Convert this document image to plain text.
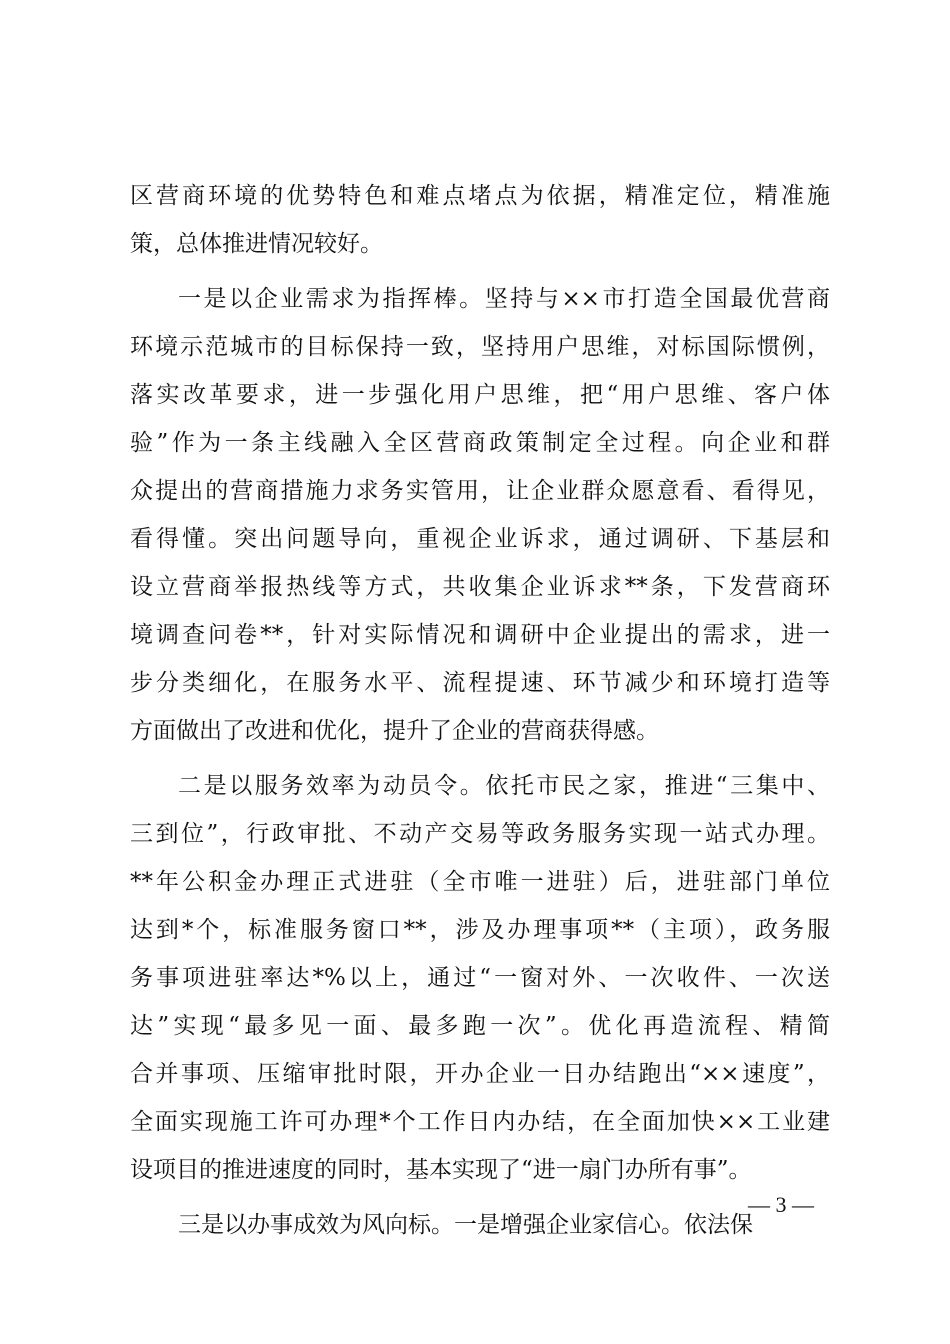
区营商环境的优势特色和难点堵点为依据，精准定位，精准施
策，总体推进情况较好。
一是以企业需求为指挥棒。坚持与××市打造全国最优营商
环境示范城市的目标保持一致，坚持用户思维，对标国际惯例，
落实改革要求，进一步强化用户思维，把“用户思维、客户体
验”作为一条主线融入全区营商政策制定全过程。向企业和群
众提出的营商措施力求务实管用，让企业群众愿意看、看得见，
看得懂。突出问题导向，重视企业诉求，通过调研、下基层和
设立营商举报热线等方式，共收集企业诉求**条，下发营商环
境调查问卷**，针对实际情况和调研中企业提出的需求，进一
步分类细化，在服务水平、流程提速、环节减少和环境打造等
方面做出了改进和优化，提升了企业的营商获得感。
二是以服务效率为动员令。依托市民之家，推进“三集中、
三到位”，行政审批、不动产交易等政务服务实现一站式办理。
**年公积金办理正式进驻（全市唯一进驻）后，进驻部门单位
达到*个，标准服务窗口**，涉及办理事项**（主项），政务服
务事项进驻率达*%以上，通过“一窗对外、一次收件、一次送
达”实现“最多见一面、最多跑一次”。优化再造流程、精简
合并事项、压缩审批时限，开办企业一日办结跑出“××速度”，
全面实现施工许可办理*个工作日内办结，在全面加快××工业建
设项目的推进速度的同时，基本实现了“进一扇门办所有事”。
三是以办事成效为风向标。一是增强企业家信心。依法保
— 3 —
